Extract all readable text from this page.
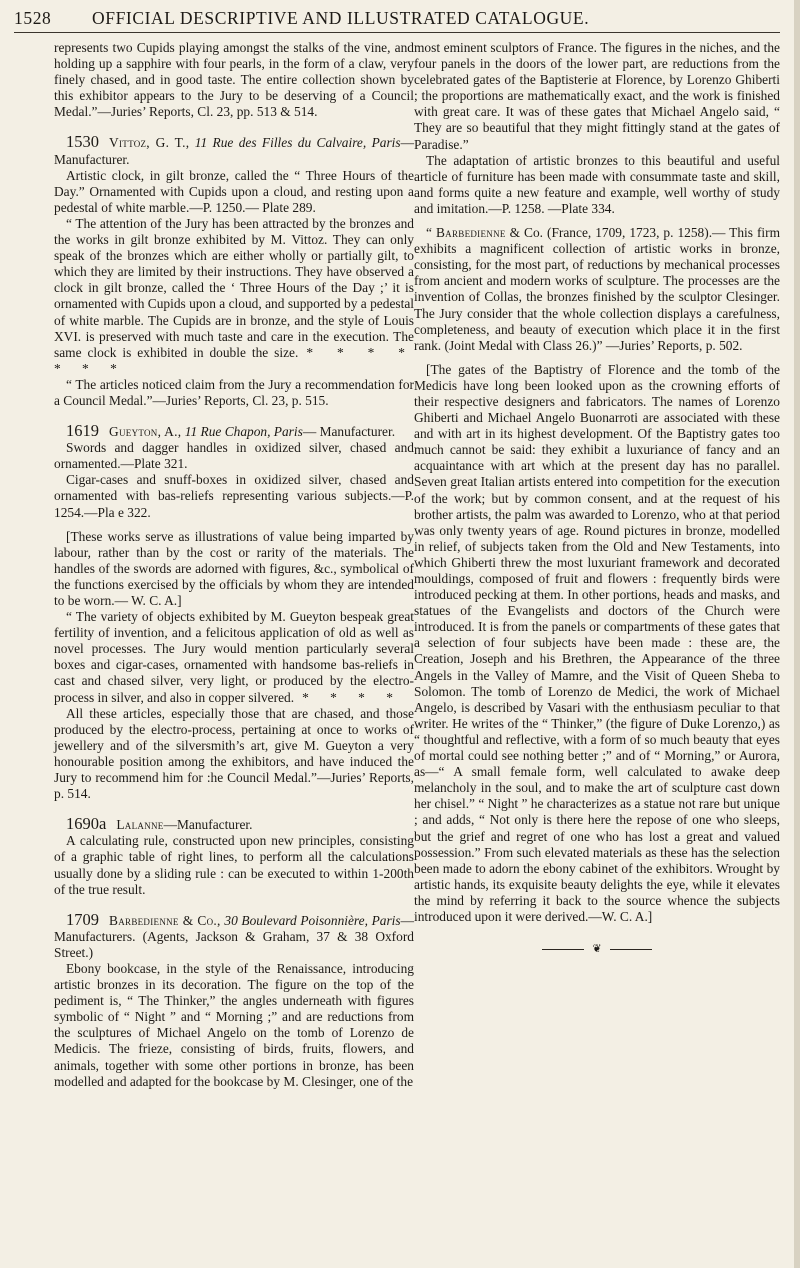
1528 OFFICIAL DESCRIPTIVE AND ILLUSTRATED CATALOGUE.

represents two Cupids playing amongst the stalks of the vine, and holding up a sapphire with four pearls, in the form of a claw, very finely chased, and in good taste. The entire collection shown by this exhibitor appears to the Jury to be deserving of a Council Medal.”—Juries’ Reports, Cl. 23, pp. 513 & 514.

1530 Vittoz, G. T., 11 Rue des Filles du Calvaire, Paris—Manufacturer.

Artistic clock, in gilt bronze, called the “ Three Hours of the Day.” Ornamented with Cupids upon a cloud, and resting upon a pedestal of white marble.—P. 1250.— Plate 289.

“ The attention of the Jury has been attracted by the bronzes and the works in gilt bronze exhibited by M. Vittoz. They can only speak of the bronzes which are either wholly or partially gilt, to which they are limited by their instructions. They have observed a clock in gilt bronze, called the ‘ Three Hours of the Day ;’ it is ornamented with Cupids upon a cloud, and supported by a pedestal of white marble. The Cupids are in bronze, and the style of Louis XVI. is preserved with much taste and care in the execution. The same clock is exhibited in double the size. * * * * * * *

“ The articles noticed claim from the Jury a recommendation for a Council Medal.”—Juries’ Reports, Cl. 23, p. 515.

1619 Gueyton, A., 11 Rue Chapon, Paris— Manufacturer.

Swords and dagger handles in oxidized silver, chased and ornamented.—Plate 321.

Cigar-cases and snuff-boxes in oxidized silver, chased and ornamented with bas-reliefs representing various subjects.—P. 1254.—Pla e 322.

[These works serve as illustrations of value being imparted by labour, rather than by the cost or rarity of the materials. The handles of the swords are adorned with figures, &c., symbolical of the functions exercised by the officials by whom they are intended to be worn.— W. C. A.]

“ The variety of objects exhibited by M. Gueyton bespeak great fertility of invention, and a felicitous application of old as well as novel processes. The Jury would mention particularly several boxes and cigar-cases, ornamented with handsome bas-reliefs in cast and chased silver, very light, or produced by the electro-process in silver, and also in copper silvered. * * * *

All these articles, especially those that are chased, and those produced by the electro-process, pertaining at once to works of jewellery and of the silversmith’s art, give M. Gueyton a very honourable position among the exhibitors, and have induced the Jury to recommend him for :he Council Medal.”—Juries’ Reports, p. 514.

1690a Lalanne—Manufacturer.

A calculating rule, constructed upon new principles, consisting of a graphic table of right lines, to perform all the calculations usually done by a sliding rule : can be executed to within 1-200th of the true result.

1709 Barbedienne & Co., 30 Boulevard Poisonnière, Paris—Manufacturers. (Agents, Jackson & Graham, 37 & 38 Oxford Street.)

Ebony bookcase, in the style of the Renaissance, introducing artistic bronzes in its decoration. The figure on the top of the pediment is, “ The Thinker,” the angles underneath with figures symbolic of “ Night ” and “ Morning ;” and are reductions from the sculptures of Michael Angelo on the tomb of Lorenzo de Medicis. The frieze, consisting of birds, fruits, flowers, and animals, together with some other portions in bronze, has been modelled and adapted for the bookcase by M. Clesinger, one of the

most eminent sculptors of France. The figures in the niches, and the four panels in the doors of the lower part, are reductions from the celebrated gates of the Baptisterie at Florence, by Lorenzo Ghiberti ; the proportions are mathematically exact, and the work is finished with great care. It was of these gates that Michael Angelo said, “ They are so beautiful that they might fittingly stand at the gates of Paradise.”

The adaptation of artistic bronzes to this beautiful and useful article of furniture has been made with consummate taste and skill, and forms quite a new feature and example, well worthy of study and imitation.—P. 1258. —Plate 334.

“ Barbedienne & Co. (France, 1709, 1723, p. 1258).— This firm exhibits a magnificent collection of artistic works in bronze, consisting, for the most part, of reductions by mechanical processes from ancient and modern works of sculpture. The processes are the invention of Collas, the bronzes finished by the sculptor Clesinger. The Jury consider that the whole collection displays a carefulness, completeness, and beauty of execution which place it in the first rank. (Joint Medal with Class 26.)” —Juries’ Reports, p. 502.

[The gates of the Baptistry of Florence and the tomb of the Medicis have long been looked upon as the crowning efforts of their respective designers and fabricators. The names of Lorenzo Ghiberti and Michael Angelo Buonarroti are associated with these and with art in its highest development. Of the Baptistry gates too much cannot be said: they exhibit a luxuriance of fancy and an acquaintance with art which at the present day has no parallel. Seven great Italian artists entered into competition for the execution of the work; but by common consent, and at the request of his brother artists, the palm was awarded to Lorenzo, who at that period was only twenty years of age. Round pictures in bronze, modelled in relief, of subjects taken from the Old and New Testaments, into which Ghiberti threw the most luxuriant framework and decorated mouldings, composed of fruit and flowers : frequently birds were introduced pecking at them. In other portions, heads and masks, and statues of the Evangelists and doctors of the Church were introduced. It is from the panels or compartments of these gates that a selection of four subjects have been made : these are, the Creation, Joseph and his Brethren, the Appearance of the three Angels in the Valley of Mamre, and the Visit of Queen Sheba to Solomon. The tomb of Lorenzo de Medici, the work of Michael Angelo, is described by Vasari with the enthusiasm peculiar to that writer. He writes of the “ Thinker,” (the figure of Duke Lorenzo,) as “ thoughtful and reflective, with a form of so much beauty that eyes of mortal could see nothing better ;” and of “ Morning,” or Aurora, as—“ A small female form, well calculated to awake deep melancholy in the soul, and to make the art of sculpture cast down her chisel.” “ Night ” he characterizes as a statue not rare but unique ; and adds, “ Not only is there here the repose of one who sleeps, but the grief and regret of one who has lost a great and valued possession.” From such elevated materials as these has the selection been made to adorn the ebony cabinet of the exhibitors. Wrought by artistic hands, its exquisite beauty delights the eye, while it elevates the mind by referring it back to the source whence the subjects introduced upon it were derived.—W. C. A.]

❦
